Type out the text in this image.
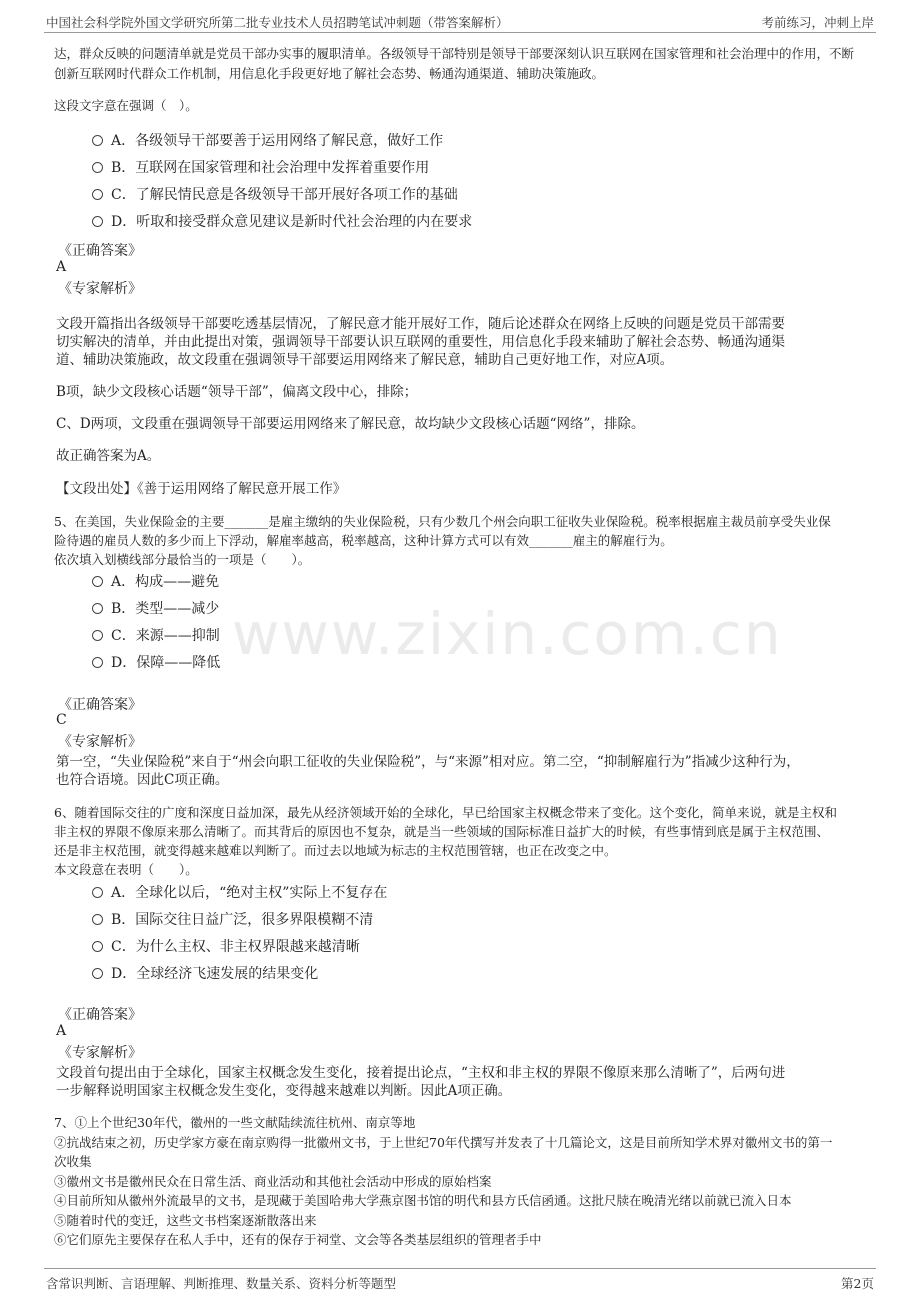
www.zixin.com.cn
中国社会科学院外国文学研究所第二批专业技术人员招聘笔试冲刺题（带答案解析）	考前练习，冲刺上岸
达，群众反映的问题清单就是党员干部办实事的履职清单。各级领导干部特别是领导干部要深刻认识互联网在国家管理和社会治理中的作用，不断
创新互联网时代群众工作机制，用信息化手段更好地了解社会态势、畅通沟通渠道、辅助决策施政。
这段文字意在强调（　）。
A．各级领导干部要善于运用网络了解民意，做好工作
B．互联网在国家管理和社会治理中发挥着重要作用
C．了解民情民意是各级领导干部开展好各项工作的基础
D．听取和接受群众意见建议是新时代社会治理的内在要求
《正确答案》
A
《专家解析》
文段开篇指出各级领导干部要吃透基层情况，了解民意才能开展好工作，随后论述群众在网络上反映的问题是党员干部需要
切实解决的清单，并由此提出对策，强调领导干部要认识互联网的重要性，用信息化手段来辅助了解社会态势、畅通沟通渠
道、辅助决策施政，故文段重在强调领导干部要运用网络来了解民意，辅助自己更好地工作，对应A项。
B项，缺少文段核心话题“领导干部”，偏离文段中心，排除；
C、D两项，文段重在强调领导干部要运用网络来了解民意，故均缺少文段核心话题“网络”，排除。
故正确答案为A。
【文段出处】《善于运用网络了解民意开展工作》
5、在美国，失业保险金的主要_______是雇主缴纳的失业保险税，只有少数几个州会向职工征收失业保险税。税率根据雇主裁员前享受失业保
险待遇的雇员人数的多少而上下浮动，解雇率越高，税率越高，这种计算方式可以有效_______雇主的解雇行为。
依次填入划横线部分最恰当的一项是（　　）。
A．构成——避免
B．类型——减少
C．来源——抑制
D．保障——降低
《正确答案》
C
《专家解析》
第一空，“失业保险税”来自于“州会向职工征收的失业保险税”，与“来源”相对应。第二空，“抑制解雇行为”指减少这种行为，
也符合语境。因此C项正确。
6、随着国际交往的广度和深度日益加深，最先从经济领域开始的全球化，早已给国家主权概念带来了变化。这个变化，简单来说，就是主权和
非主权的界限不像原来那么清晰了。而其背后的原因也不复杂，就是当一些领域的国际标准日益扩大的时候，有些事情到底是属于主权范围、
还是非主权范围，就变得越来越难以判断了。而过去以地域为标志的主权范围管辖，也正在改变之中。
本文段意在表明（　　）。
A．全球化以后，“绝对主权”实际上不复存在
B．国际交往日益广泛，很多界限模糊不清
C．为什么主权、非主权界限越来越清晰
D．全球经济飞速发展的结果变化
《正确答案》
A
《专家解析》
文段首句提出由于全球化，国家主权概念发生变化，接着提出论点，“主权和非主权的界限不像原来那么清晰了”，后两句进
一步解释说明国家主权概念发生变化，变得越来越难以判断。因此A项正确。
7、①上个世纪30年代，徽州的一些文献陆续流往杭州、南京等地
②抗战结束之初，历史学家方豪在南京购得一批徽州文书，于上世纪70年代撰写并发表了十几篇论文，这是目前所知学术界对徽州文书的第一
次收集
③徽州文书是徽州民众在日常生活、商业活动和其他社会活动中形成的原始档案
④目前所知从徽州外流最早的文书，是现藏于美国哈弗大学燕京图书馆的明代和县方氏信函通。这批尺牍在晚清光绪以前就已流入日本
⑤随着时代的变迁，这些文书档案逐渐散落出来
⑥它们原先主要保存在私人手中，还有的保存于祠堂、文会等各类基层组织的管理者手中
含常识判断、言语理解、判断推理、数量关系、资料分析等题型	第2页
